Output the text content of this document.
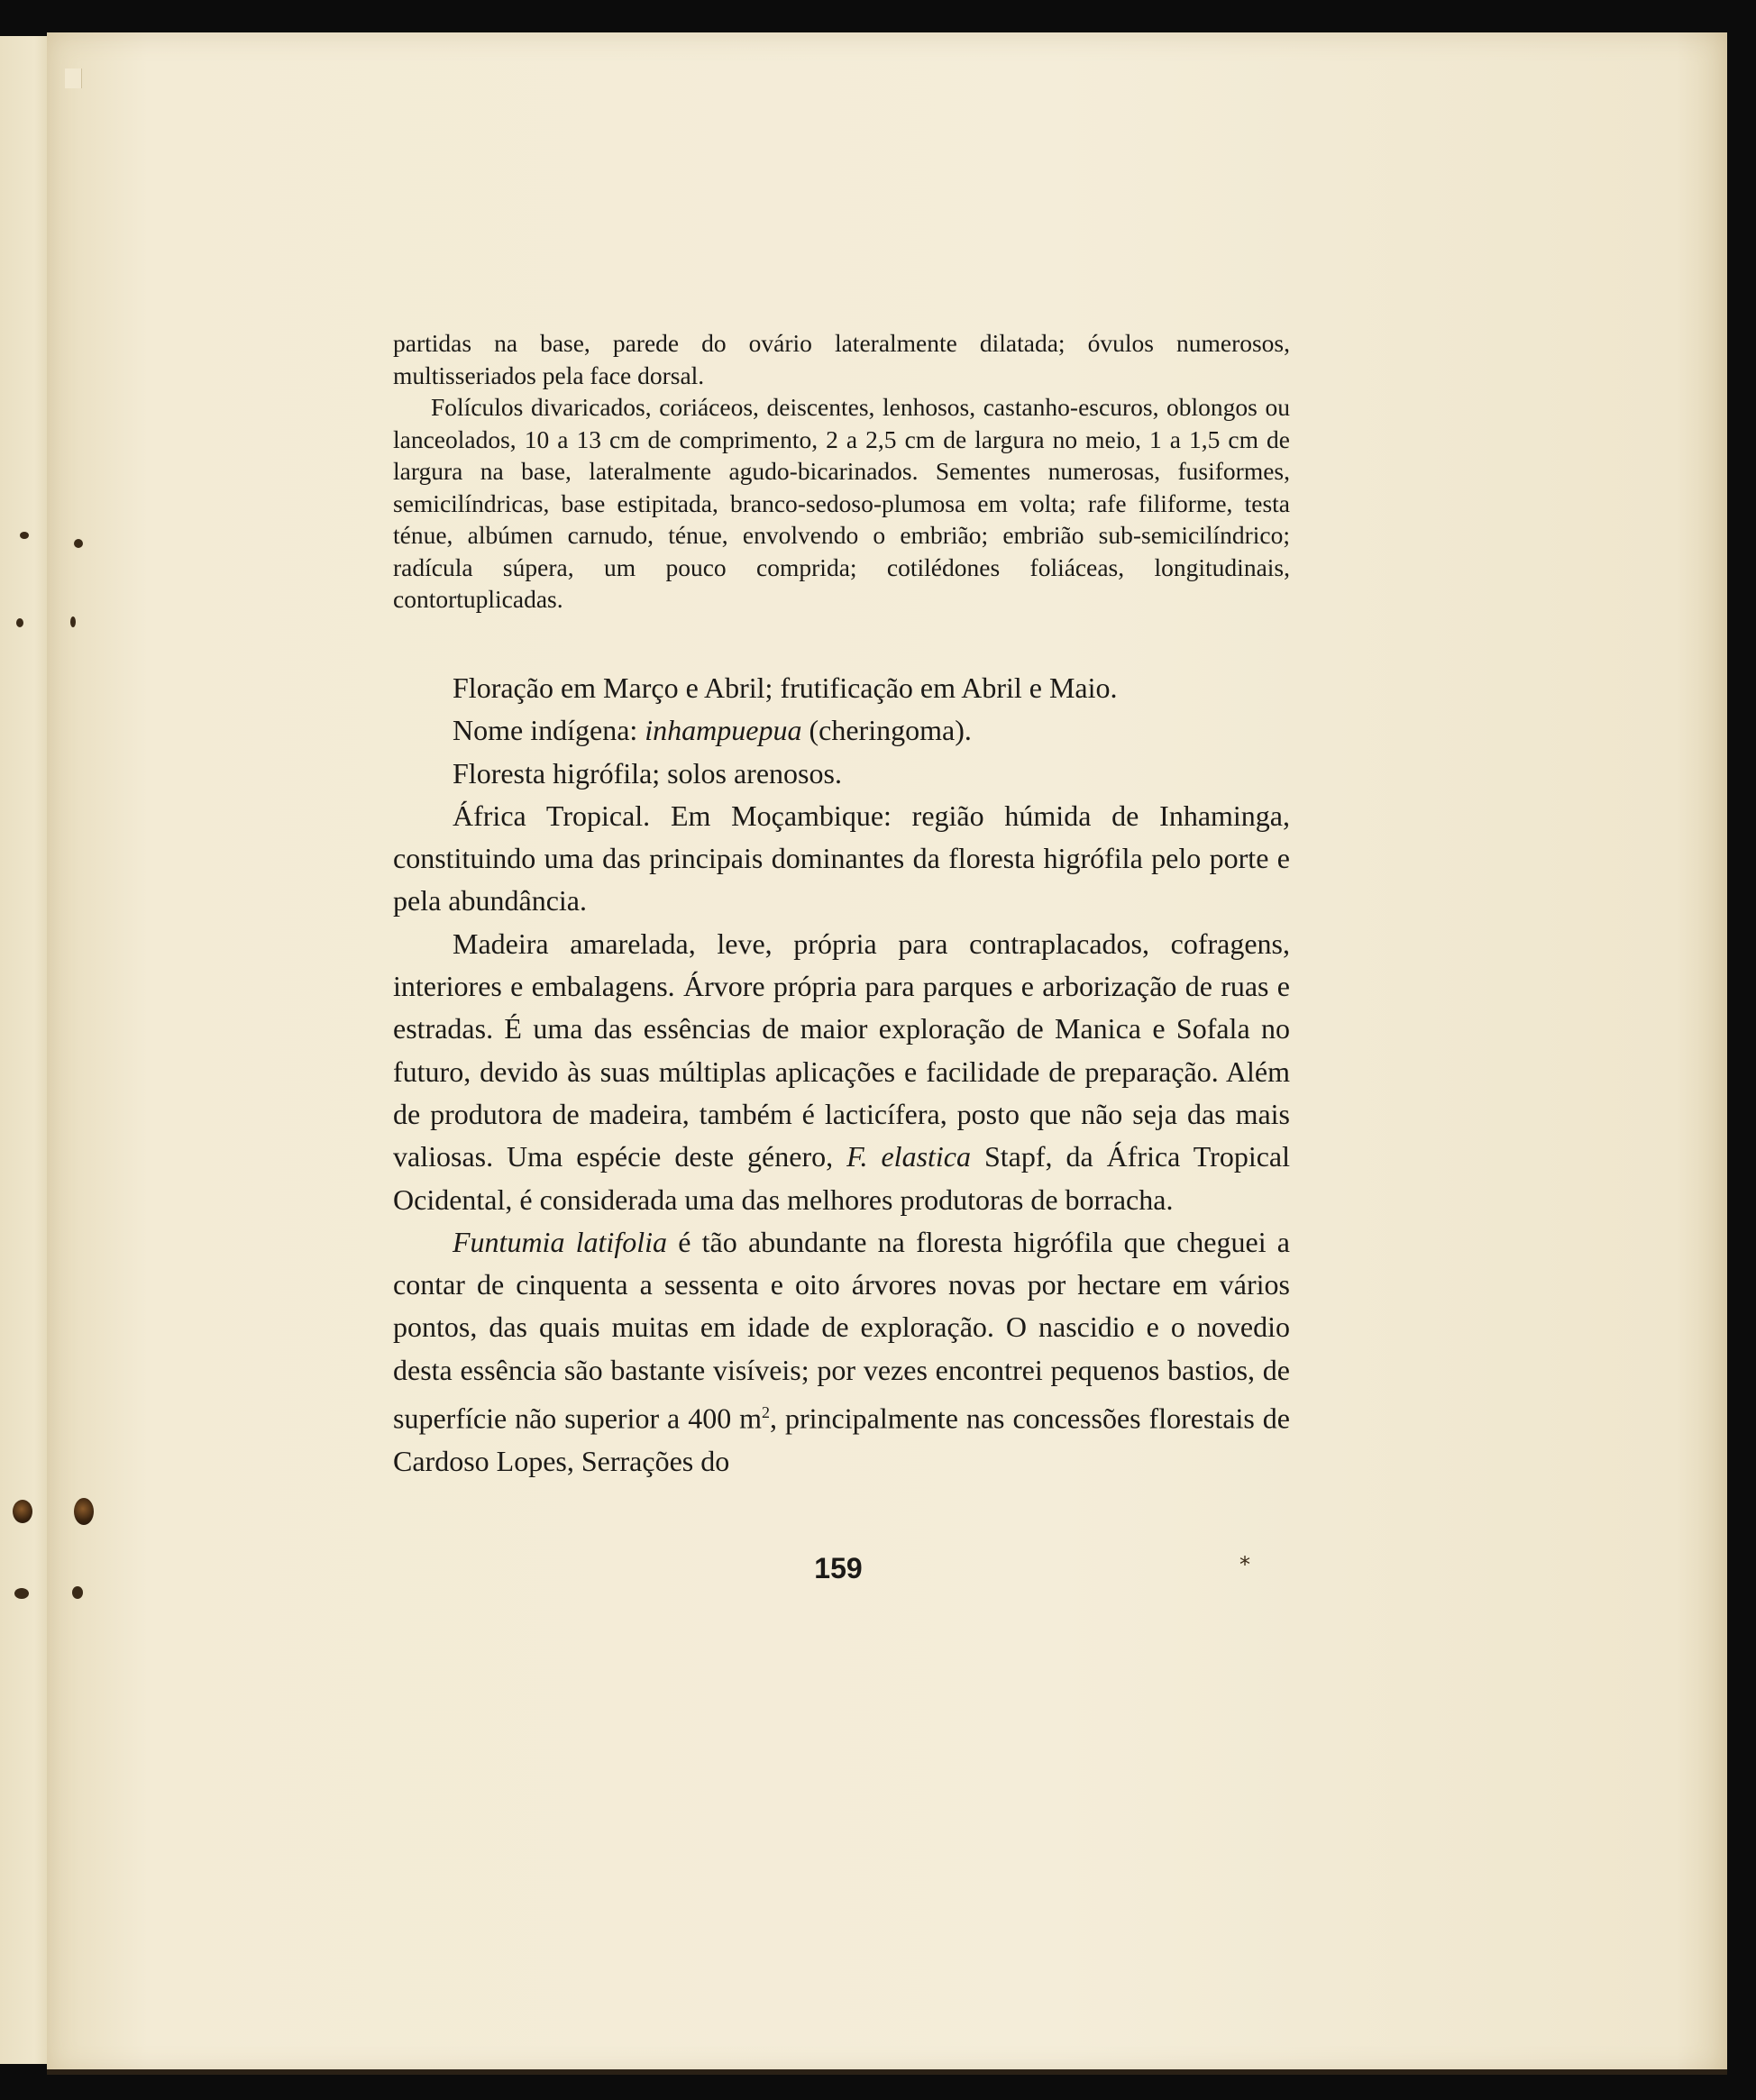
partidas na base, parede do ovário lateralmente dilatada; óvulos numerosos, multisseriados pela face dorsal.

Folículos divaricados, coriáceos, deiscentes, lenhosos, castanho-escuros, oblongos ou lanceolados, 10 a 13 cm de comprimento, 2 a 2,5 cm de largura no meio, 1 a 1,5 cm de largura na base, lateralmente agudo-bicarinados. Sementes numerosas, fusiformes, semicilíndricas, base estipitada, branco-sedoso-plumosa em volta; rafe filiforme, testa ténue, albúmen carnudo, ténue, envolvendo o embrião; embrião sub-semicilíndrico; radícula súpera, um pouco comprida; cotilédones foliáceas, longitudinais, contortuplicadas.

Floração em Março e Abril; frutificação em Abril e Maio.

Nome indígena: inhampuepua (cheringoma).

Floresta higrófila; solos arenosos.

África Tropical. Em Moçambique: região húmida de Inhaminga, constituindo uma das principais dominantes da floresta higrófila pelo porte e pela abundância.

Madeira amarelada, leve, própria para contraplacados, cofragens, interiores e embalagens. Árvore própria para parques e arborização de ruas e estradas. É uma das essências de maior exploração de Manica e Sofala no futuro, devido às suas múltiplas aplicações e facilidade de preparação. Além de produtora de madeira, também é lacticífera, posto que não seja das mais valiosas. Uma espécie deste género, F. elastica Stapf, da África Tropical Ocidental, é considerada uma das melhores produtoras de borracha.

Funtumia latifolia é tão abundante na floresta higrófila que cheguei a contar de cinquenta a sessenta e oito árvores novas por hectare em vários pontos, das quais muitas em idade de exploração. O nascidio e o novedio desta essência são bastante visíveis; por vezes encontrei pequenos bastios, de superfície não superior a 400 $m^2$, principalmente nas concessões florestais de Cardoso Lopes, Serrações do

159	*
